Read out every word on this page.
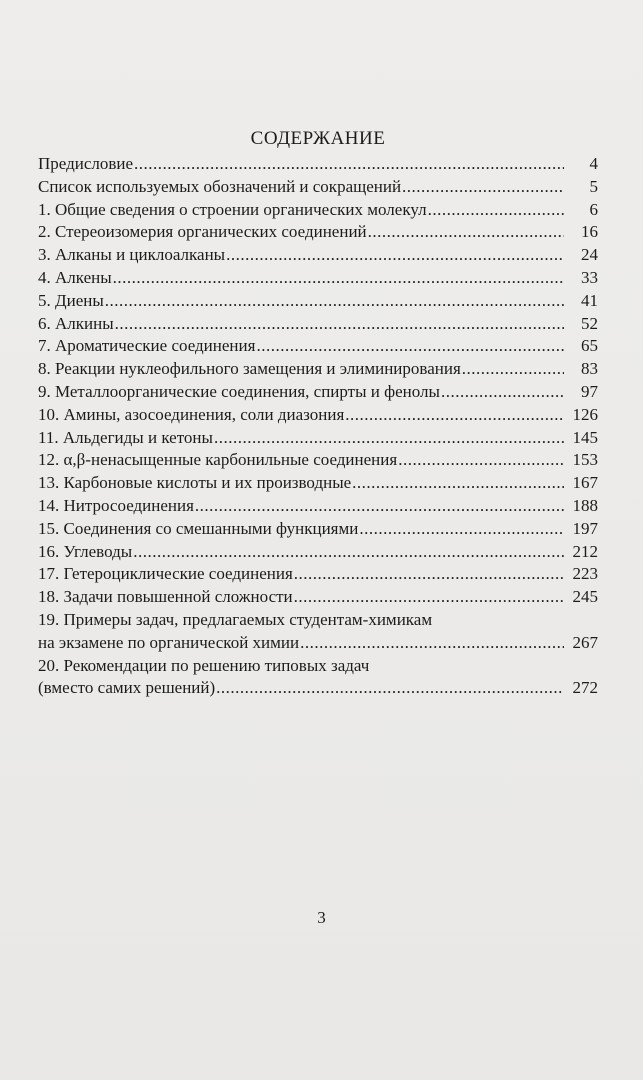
СОДЕРЖАНИЕ
Предисловие .....	4
Список используемых обозначений и сокращений .....	5
1. Общие сведения о строении органических молекул .....	6
2. Стереоизомерия органических соединений .....	16
3. Алканы и циклоалканы .....	24
4. Алкены .....	33
5. Диены .....	41
6. Алкины .....	52
7. Ароматические соединения .....	65
8. Реакции нуклеофильного замещения и элиминирования .....	83
9. Металлоорганические соединения, спирты и фенолы .....	97
10. Амины, азосоединения, соли диазония .....	126
11. Альдегиды и кетоны .....	145
12. α,β-ненасыщенные карбонильные соединения .....	153
13. Карбоновые кислоты и их производные .....	167
14. Нитросоединения .....	188
15. Соединения со смешанными функциями .....	197
16. Углеводы .....	212
17. Гетероциклические соединения .....	223
18. Задачи повышенной сложности .....	245
19. Примеры задач, предлагаемых студентам-химикам
на экзамене по органической химии .....	267
20. Рекомендации по решению типовых задач
(вместо самих решений) .....	272
3
